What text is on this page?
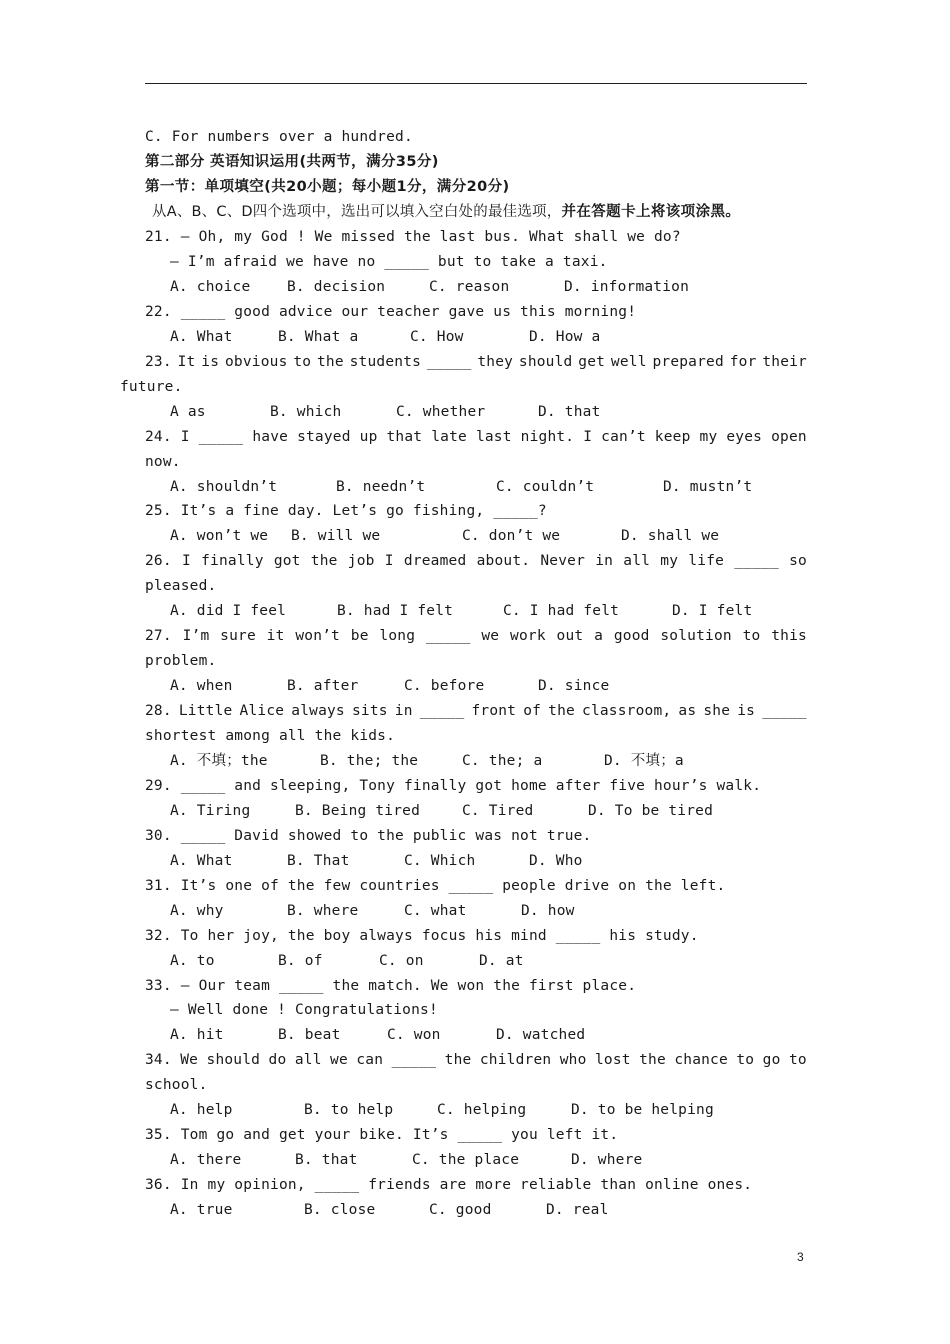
C. For numbers over a hundred.
第二部分 英语知识运用(共两节，满分35分)
第一节：单项填空(共20小题；每小题1分，满分20分)
从A、B、C、D四个选项中，选出可以填入空白处的最佳选项，并在答题卡上将该项涂黑。
21. — Oh, my God ! We missed the last bus. What shall we do?
— I’m afraid we have no _____ but to take a taxi.
A. choice	B. decision	C. reason	D. information
22. _____ good advice our teacher gave us this morning!
A. What	B. What a	C. How	D. How a
23. It is obvious to the students _____ they should get well prepared for their
future.
A as	B. which	C. whether	D. that
24. I _____ have stayed up that late last night. I can’t keep my eyes open
now.
A. shouldn’t	B. needn’t	C. couldn’t	D. mustn’t
25. It’s a fine day. Let’s go fishing, _____?
A. won’t we B. will we	C. don’t we	D. shall we
26. I finally got the job I dreamed about. Never in all my life _____ so
pleased.
A. did I feel	B. had I felt	C. I had felt	D. I felt
27. I’m sure it won’t be long _____ we work out a good solution to this
problem.
A. when	B. after	C. before	D. since
28. Little Alice always sits in _____ front of the classroom, as she is _____
shortest among all the kids.
A. 不填；the	B. the; the	C. the; a	D. 不填；a
29. _____ and sleeping, Tony finally got home after five hour’s walk.
A. Tiring	B. Being tired	C. Tired	D. To be tired
30. _____ David showed to the public was not true.
A. What	B. That	C. Which	D. Who
31. It’s one of the few countries _____ people drive on the left.
A. why	B. where	C. what	D. how
32. To her joy, the boy always focus his mind _____ his study.
A. to	B. of	C. on	D. at
33. — Our team _____ the match. We won the first place.
— Well done ! Congratulations!
A. hit	B. beat	C. won	D. watched
34. We should do all we can _____ the children who lost the chance to go to
school.
A. help	B. to help	C. helping	D. to be helping
35. Tom go and get your bike. It’s _____ you left it.
A. there	B. that	C. the place	D. where
36. In my opinion, _____ friends are more reliable than online ones.
A. true	B. close	C. good	D. real
3
